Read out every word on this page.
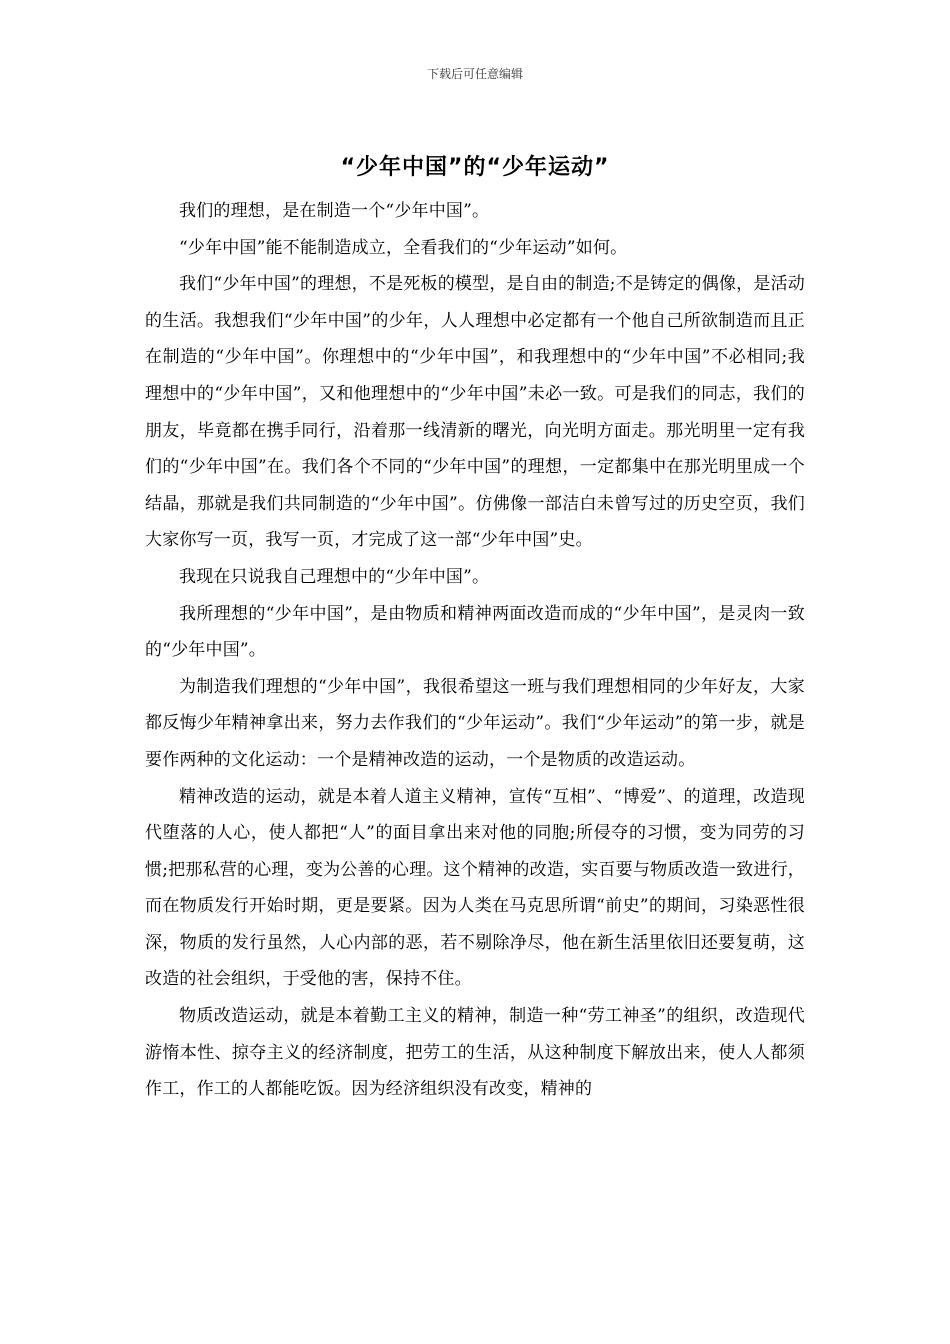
下载后可任意编辑
“少年中国”的“少年运动”

我们的理想，是在制造一个“少年中国”。

“少年中国”能不能制造成立，全看我们的“少年运动”如何。

我们“少年中国”的理想，不是死板的模型，是自由的制造;不是铸定的偶像，是活动的生活。我想我们“少年中国”的少年，人人理想中必定都有一个他自己所欲制造而且正在制造的“少年中国”。你理想中的“少年中国”，和我理想中的“少年中国”不必相同;我理想中的“少年中国”，又和他理想中的“少年中国”未必一致。可是我们的同志，我们的朋友，毕竟都在携手同行，沿着那一线清新的曙光，向光明方面走。那光明里一定有我们的“少年中国”在。我们各个不同的“少年中国”的理想，一定都集中在那光明里成一个结晶，那就是我们共同制造的“少年中国”。仿佛像一部洁白未曾写过的历史空页，我们大家你写一页，我写一页，才完成了这一部“少年中国”史。

我现在只说我自己理想中的“少年中国”。

我所理想的“少年中国”，是由物质和精神两面改造而成的“少年中国”，是灵肉一致的“少年中国”。

为制造我们理想的“少年中国”，我很希望这一班与我们理想相同的少年好友，大家都反悔少年精神拿出来，努力去作我们的“少年运动”。我们“少年运动”的第一步，就是要作两种的文化运动：一个是精神改造的运动，一个是物质的改造运动。

精神改造的运动，就是本着人道主义精神，宣传“互相”、“博爱”、的道理，改造现代堕落的人心，使人都把“人”的面目拿出来对他的同胞;所侵夺的习惯，变为同劳的习惯;把那私营的心理，变为公善的心理。这个精神的改造，实百要与物质改造一致进行，而在物质发行开始时期，更是要紧。因为人类在马克思所谓“前史”的期间，习染恶性很深，物质的发行虽然，人心内部的恶，若不剔除净尽，他在新生活里依旧还要复萌，这改造的社会组织，于受他的害，保持不住。

物质改造运动，就是本着勤工主义的精神，制造一种“劳工神圣”的组织，改造现代游惰本性、掠夺主义的经济制度，把劳工的生活，从这种制度下解放出来，使人人都须作工，作工的人都能吃饭。因为经济组织没有改变，精神的
